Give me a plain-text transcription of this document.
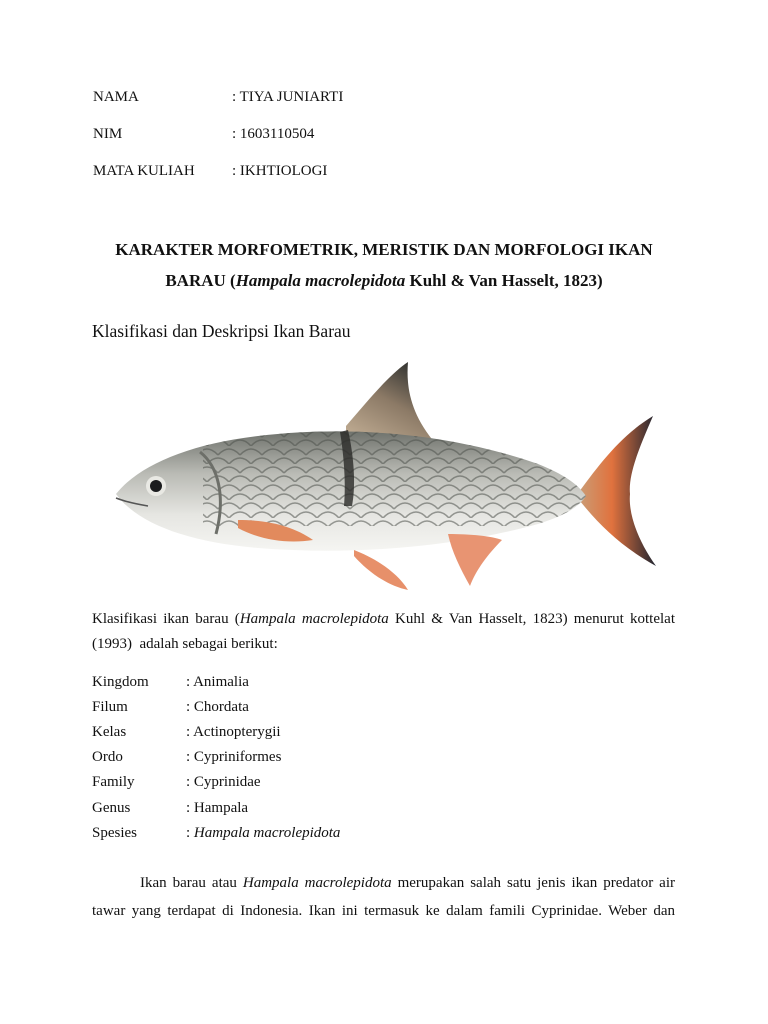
NAMA	: TIYA JUNIARTI
NIM	: 1603110504
MATA KULIAH : IKHTIOLOGI
KARAKTER MORFOMETRIK, MERISTIK DAN MORFOLOGI IKAN
BARAU (Hampala macrolepidota Kuhl & Van Hasselt, 1823)
Klasifikasi dan Deskripsi Ikan Barau
Klasifikasi ikan barau (Hampala macrolepidota Kuhl & Van Hasselt, 1823) menurut kottelat
(1993)  adalah sebagai berikut:
Kingdom : Animalia
Filum	: Chordata
Kelas	: Actinopterygii
Ordo	: Cypriniformes
Family	: Cyprinidae
Genus	: Hampala
Spesies	: Hampala macrolepidota
Ikan barau atau Hampala macrolepidota merupakan salah satu jenis ikan predator air
tawar yang terdapat di Indonesia. Ikan ini termasuk ke dalam famili Cyprinidae. Weber dan
